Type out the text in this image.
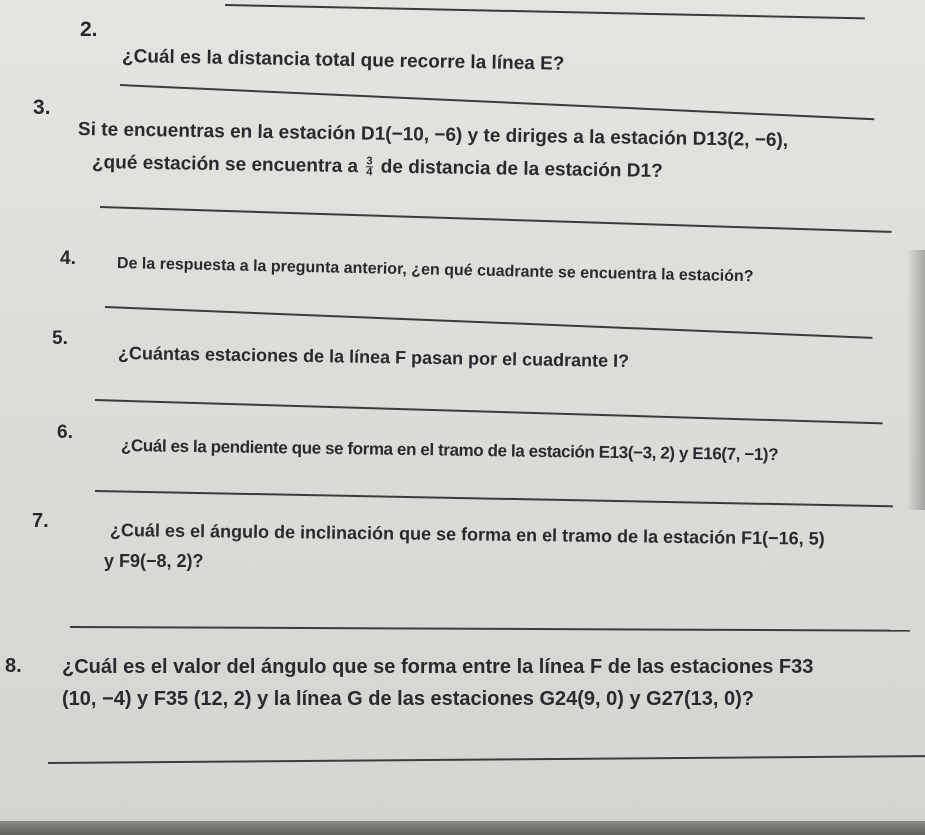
2.
¿Cuál es la distancia total que recorre la línea E?
3.
Si te encuentras en la estación D1(−10, −6) y te diriges a la estación D13(2, −6),
¿qué estación se encuentra a $\frac{3}{4}$ de distancia de la estación D1?
4.	De la respuesta a la pregunta anterior, ¿en qué cuadrante se encuentra la estación?
5.
¿Cuántas estaciones de la línea F pasan por el cuadrante I?
6.
¿Cuál es la pendiente que se forma en el tramo de la estación E13(−3, 2) y E16(7, −1)?
7.	¿Cuál es el ángulo de inclinación que se forma en el tramo de la estación F1(−16, 5)
y F9(−8, 2)?
8. ¿Cuál es el valor del ángulo que se forma entre la línea F de las estaciones F33
(10, −4) y F35 (12, 2) y la línea G de las estaciones G24(9, 0) y G27(13, 0)?
